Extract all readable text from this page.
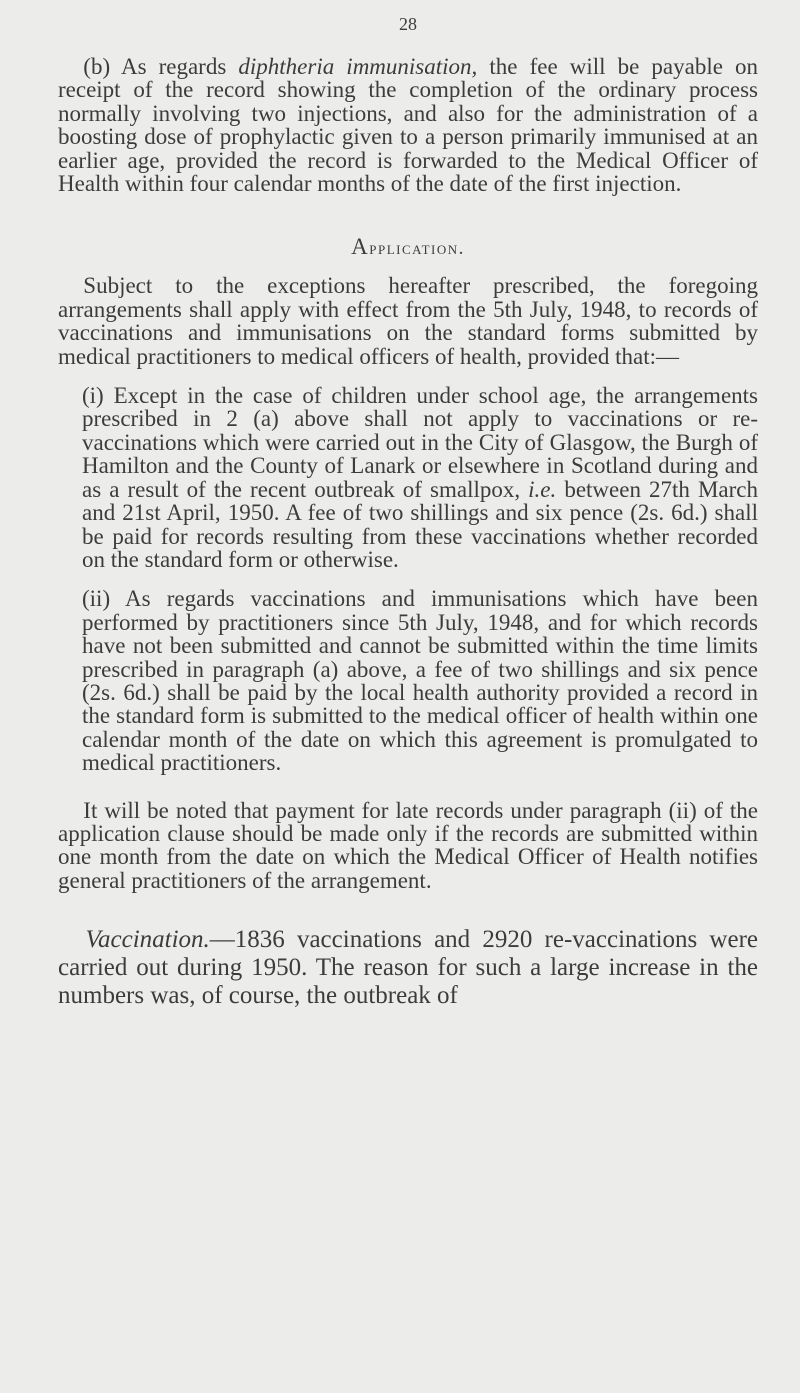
28

(b) As regards diphtheria immunisation, the fee will be payable on receipt of the record showing the completion of the ordinary process normally involving two injections, and also for the administration of a boosting dose of prophylactic given to a person primarily immunised at an earlier age, provided the record is forwarded to the Medical Officer of Health within four calendar months of the date of the first injection.

Application.

Subject to the exceptions hereafter prescribed, the foregoing arrangements shall apply with effect from the 5th July, 1948, to records of vaccinations and immunisations on the standard forms submitted by medical practitioners to medical officers of health, provided that:—

(i) Except in the case of children under school age, the arrangements prescribed in 2 (a) above shall not apply to vaccinations or re-vaccinations which were carried out in the City of Glasgow, the Burgh of Hamilton and the County of Lanark or elsewhere in Scotland during and as a result of the recent outbreak of smallpox, i.e. between 27th March and 21st April, 1950. A fee of two shillings and six pence (2s. 6d.) shall be paid for records resulting from these vaccinations whether recorded on the standard form or otherwise.

(ii) As regards vaccinations and immunisations which have been performed by practitioners since 5th July, 1948, and for which records have not been submitted and cannot be submitted within the time limits prescribed in paragraph (a) above, a fee of two shillings and six pence (2s. 6d.) shall be paid by the local health authority provided a record in the standard form is submitted to the medical officer of health within one calendar month of the date on which this agreement is promulgated to medical practitioners.

It will be noted that payment for late records under paragraph (ii) of the application clause should be made only if the records are submitted within one month from the date on which the Medical Officer of Health notifies general practitioners of the arrangement.

Vaccination.—1836 vaccinations and 2920 re-vaccinations were carried out during 1950. The reason for such a large increase in the numbers was, of course, the outbreak of
